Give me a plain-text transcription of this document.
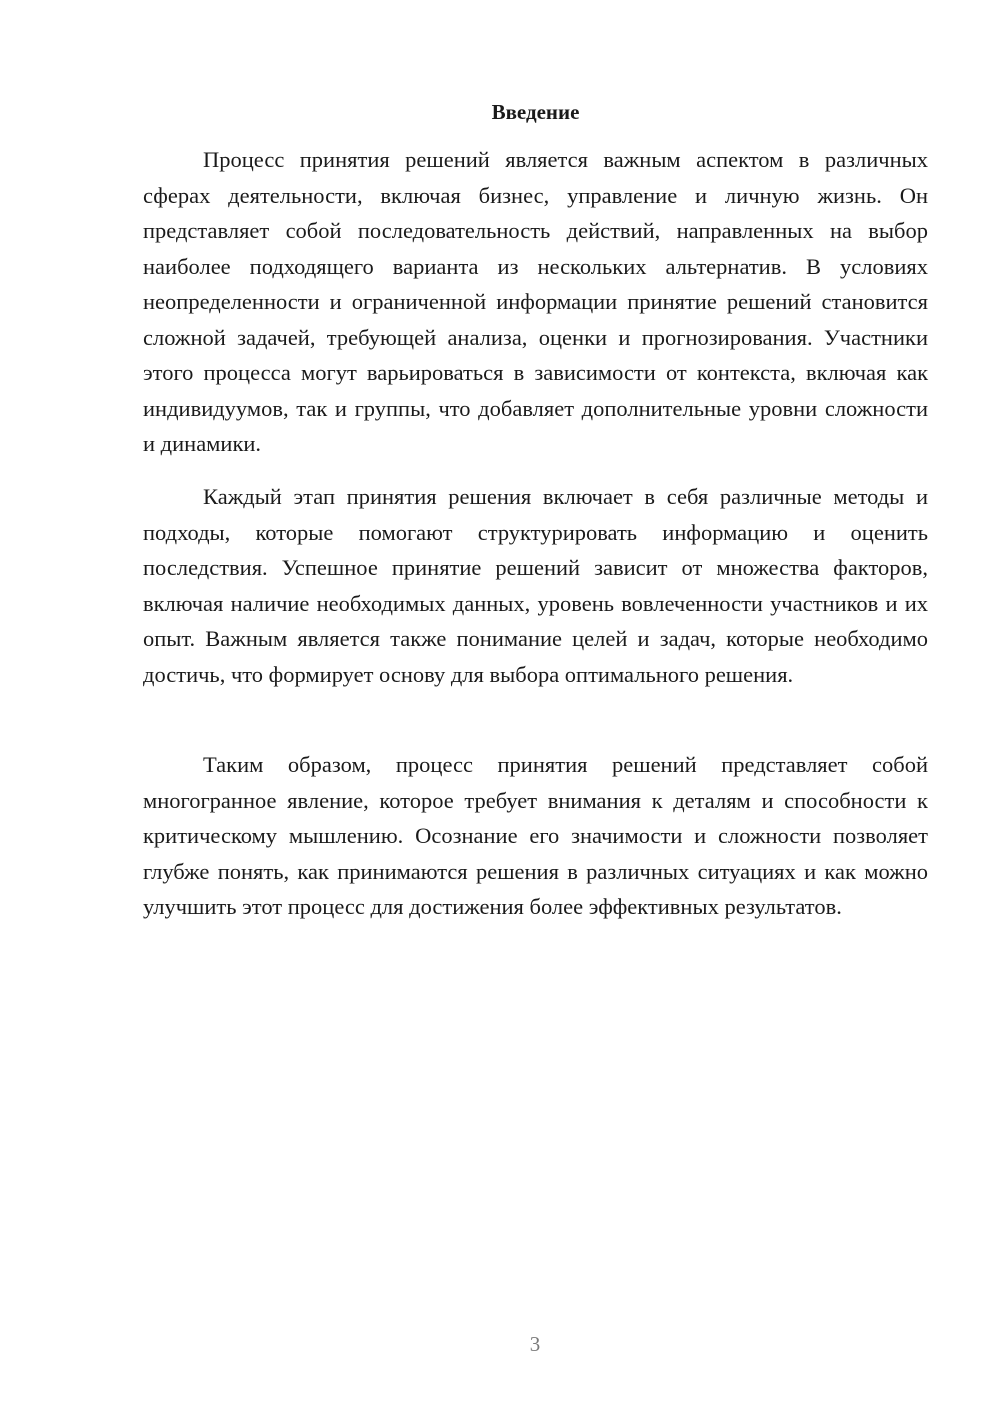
Введение

Процесс принятия решений является важным аспектом в различных сферах деятельности, включая бизнес, управление и личную жизнь. Он представляет собой последовательность действий, направленных на выбор наиболее подходящего варианта из нескольких альтернатив. В условиях неопределенности и ограниченной информации принятие решений становится сложной задачей, требующей анализа, оценки и прогнозирования. Участники этого процесса могут варьироваться в зависимости от контекста, включая как индивидуумов, так и группы, что добавляет дополнительные уровни сложности и динамики.

Каждый этап принятия решения включает в себя различные методы и подходы, которые помогают структурировать информацию и оценить последствия. Успешное принятие решений зависит от множества факторов, включая наличие необходимых данных, уровень вовлеченности участников и их опыт. Важным является также понимание целей и задач, которые необходимо достичь, что формирует основу для выбора оптимального решения.

Таким образом, процесс принятия решений представляет собой многогранное явление, которое требует внимания к деталям и способности к критическому мышлению. Осознание его значимости и сложности позволяет глубже понять, как принимаются решения в различных ситуациях и как можно улучшить этот процесс для достижения более эффективных результатов.

3
